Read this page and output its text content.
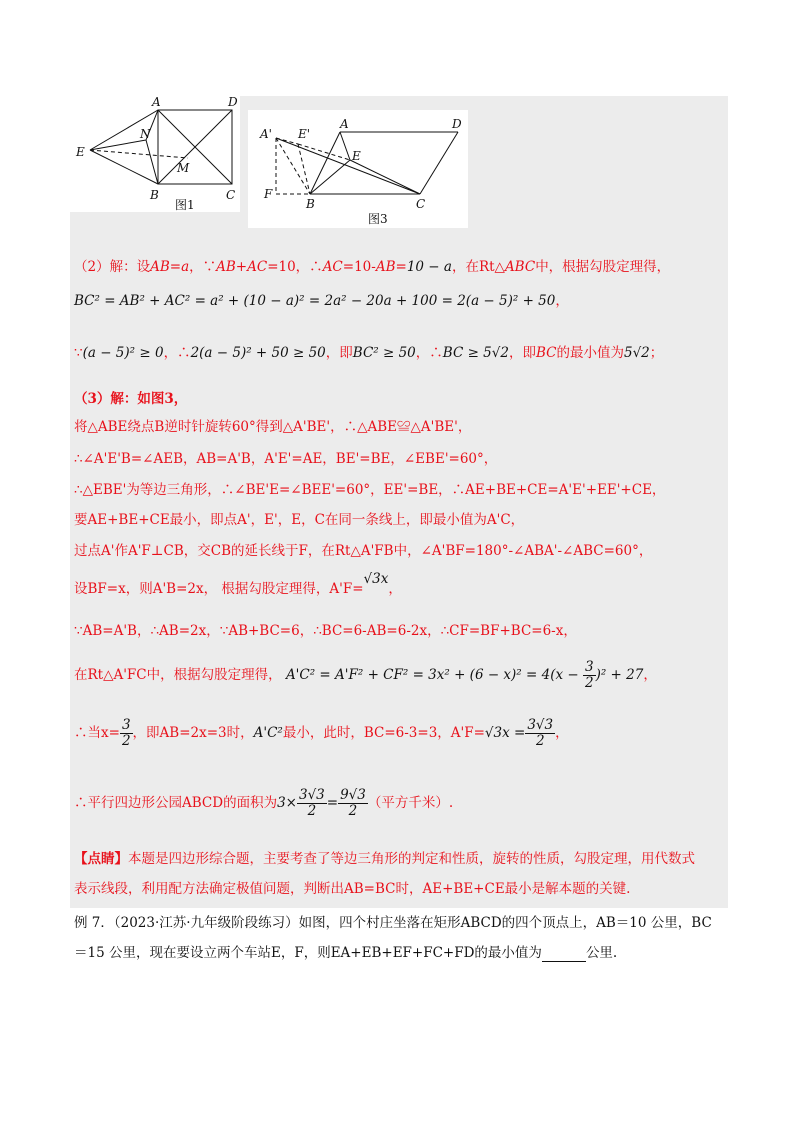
A	D
N
E
M
B	C
图1
A' E'
A	D
E
F
B	C
图3
（2）解：设AB=a，∵AB+AC=10，∴AC=10-AB=10 − a，在Rt△ABC中，根据勾股定理得，
BC² = AB² + AC² = a² + (10 − a)² = 2a² − 20a + 100 = 2(a − 5)² + 50，
∵(a − 5)² ≥ 0，∴2(a − 5)² + 50 ≥ 50，即BC² ≥ 50，∴BC ≥ 5√2，即BC的最小值为5√2；
（3）解：如图3，
将△ABE绕点B逆时针旋转60°得到△A'BE'，∴△ABE≌△A'BE'，
∴∠A'E'B=∠AEB，AB=A'B，A'E'=AE，BE'=BE，∠EBE'=60°，
∴△EBE'为等边三角形，∴∠BE'E=∠BEE'=60°，EE'=BE，∴AE+BE+CE=A'E'+EE'+CE，
要AE+BE+CE最小，即点A'，E'，E，C在同一条线上，即最小值为A'C，
过点A'作A'F⊥CB，交CB的延长线于F，在Rt△A'FB中，∠A'BF=180°-∠ABA'-∠ABC=60°，
设BF=x，则A'B=2x， 根据勾股定理得，A'F=√3x，
∵AB=A'B，∴AB=2x，∵AB+BC=6，∴BC=6-AB=6-2x，∴CF=BF+BC=6-x，
在Rt△A'FC中，根据勾股定理得， $A'C^2 = A'F^2 + CF^2 = 3x^2 + (6 - x)^2 = 4(x - \frac{3}{2} )^2 + 27$，
∴当$x= \frac{3}{2}$ ，即AB=2x=3时，A'C²最小，此时，BC=6-3=3，$A'F=√3x = \frac{3√3}{2}$ ，
∴平行四边形公园ABCD的面积为$3\times \frac{3√3}{2} = \frac{9√3}{2}$ （平方千米）.
【点睛】本题是四边形综合题，主要考查了等边三角形的判定和性质，旋转的性质，勾股定理，用代数式
表示线段，利用配方法确定极值问题，判断出AB=BC时，AE+BE+CE最小是解本题的关键.
例 7．（2023·江苏·九年级阶段练习）如图，四个村庄坐落在矩形ABCD的四个顶点上，AB＝10 公里，BC
＝15 公里，现在要设立两个车站E，F，则EA+EB+EF+FC+FD的最小值为	公里.
